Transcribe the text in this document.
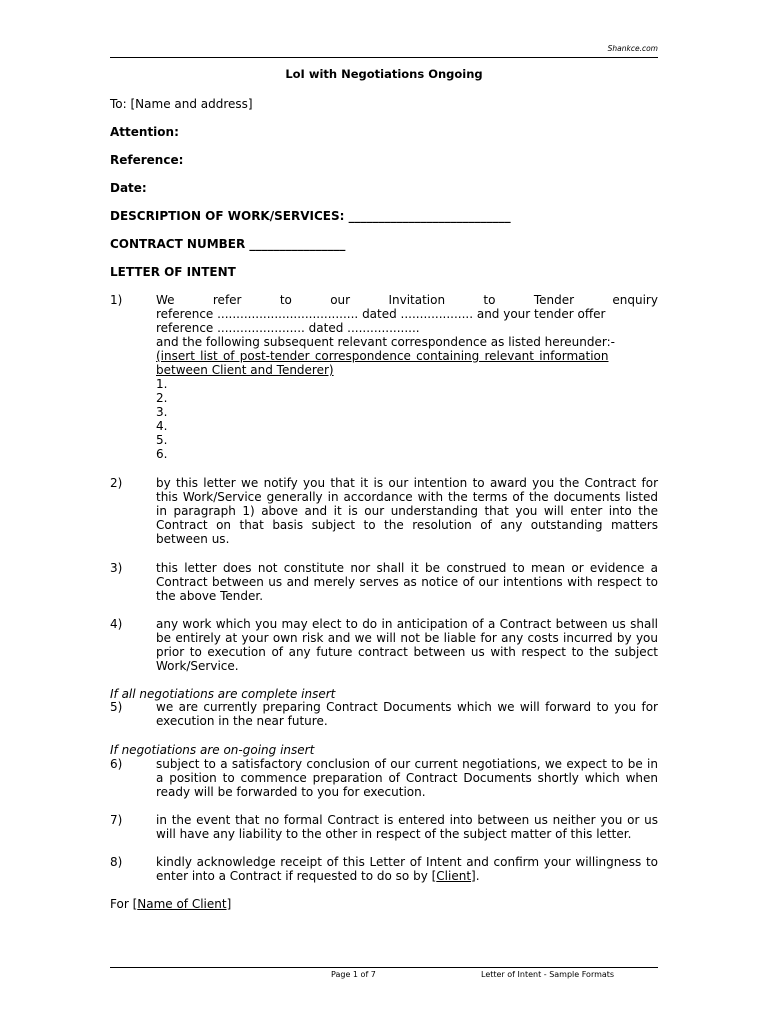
Shankce.com
LoI with Negotiations Ongoing
To: [Name and address]
Attention:
Reference:
Date:
DESCRIPTION OF WORK/SERVICES: ___________________________
CONTRACT NUMBER ________________
LETTER OF INTENT
1)	We	refer	to	our	Invitation	to	Tender	enquiry
reference ..................................... dated ................... and your tender offer
reference ....................... dated ...................
and the following subsequent relevant correspondence as listed hereunder:-
(insert list of post-tender correspondence containing relevant information
between Client and Tenderer)
1.
2.
3.
4.
5.
6.
2)	by this letter we notify you that it is our intention to award you the Contract for this Work/Service generally in accordance with the terms of the documents listed in paragraph 1) above and it is our understanding that you will enter into the Contract on that basis subject to the resolution of any outstanding matters between us.
3)	this letter does not constitute nor shall it be construed to mean or evidence a Contract between us and merely serves as notice of our intentions with respect to the above Tender.
4)	any work which you may elect to do in anticipation of a Contract between us shall be entirely at your own risk and we will not be liable for any costs incurred by you prior to execution of any future contract between us with respect to the subject Work/Service.
If all negotiations are complete insert
5)	we are currently preparing Contract Documents which we will forward to you for execution in the near future.
If negotiations are on-going insert
6)	subject to a satisfactory conclusion of our current negotiations, we expect to be in a position to commence preparation of Contract Documents shortly which when ready will be forwarded to you for execution.
7)	in the event that no formal Contract is entered into between us neither you or us will have any liability to the other in respect of the subject matter of this letter.
8)	kindly acknowledge receipt of this Letter of Intent and confirm your willingness to enter into a Contract if requested to do so by [Client].
For [Name of Client]
Page 1 of 7	Letter of Intent - Sample Formats
